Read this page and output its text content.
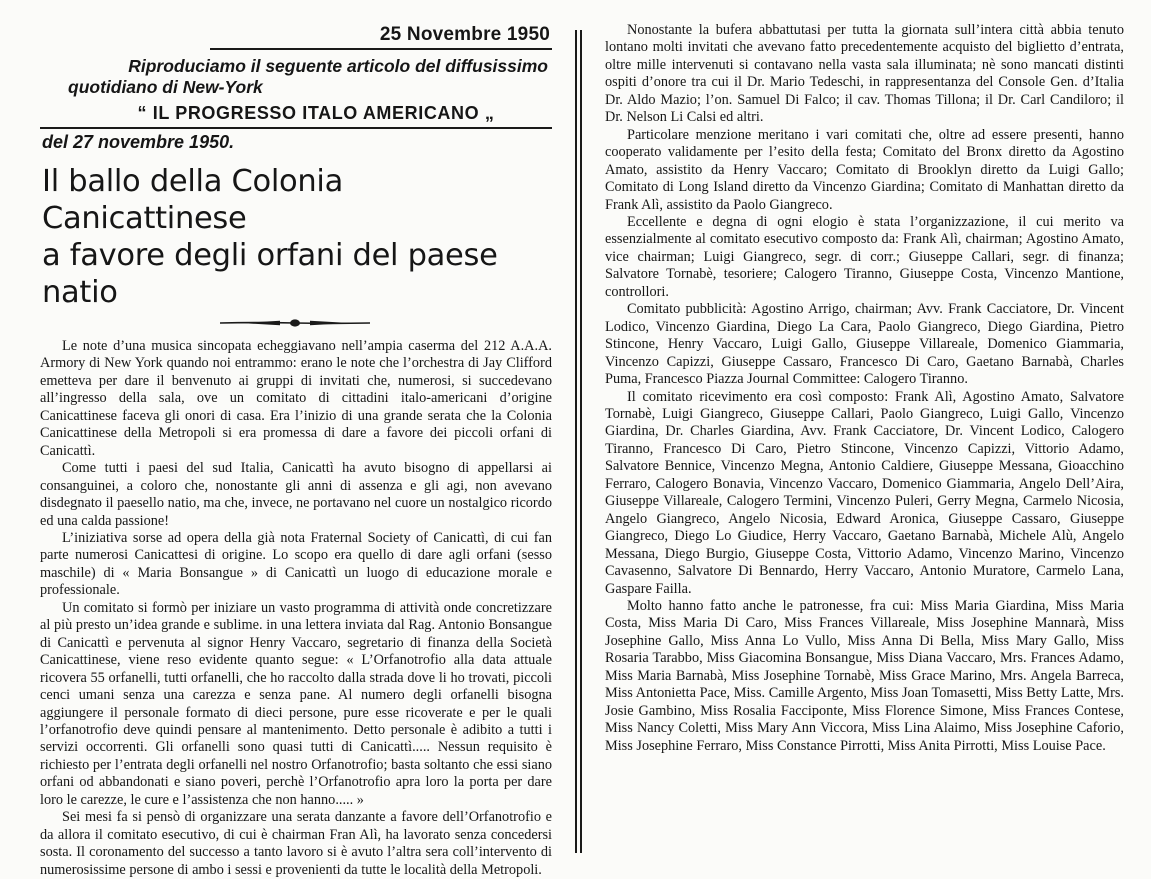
25 Novembre 1950
Riproduciamo il seguente articolo del diffusissimo
quotidiano di New-York
“ IL PROGRESSO ITALO AMERICANO „
del 27 novembre 1950.
Il ballo della Colonia Canicattinese
a favore degli orfani del paese natio

Le note d’una musica sincopata echeggiavano nell’ampia caserma del 212 A.A.A. Armory di New York quando noi entrammo: erano le note che l’orchestra di Jay Clifford emetteva per dare il benvenuto ai gruppi di invitati che, numerosi, si succedevano all’ingresso della sala, ove un comitato di cittadini italo-americani d’origine Canicattinese faceva gli onori di casa. Era l’inizio di una grande serata che la Colonia Canicattinese della Metropoli si era promessa di dare a favore dei piccoli orfani di Canicattì.

Come tutti i paesi del sud Italia, Canicattì ha avuto bisogno di appellarsi ai consanguinei, a coloro che, nonostante gli anni di assenza e gli agi, non avevano disdegnato il paesello natio, ma che, invece, ne portavano nel cuore un nostalgico ricordo ed una calda passione!

L’iniziativa sorse ad opera della già nota Fraternal Society of Canicattì, di cui fan parte numerosi Canicattesi di origine. Lo scopo era quello di dare agli orfani (sesso maschile) di « Maria Bonsangue » di Canicattì un luogo di educazione morale e professionale.

Un comitato si formò per iniziare un vasto programma di attività onde concretizzare al più presto un’idea grande e sublime. in una lettera inviata dal Rag. Antonio Bonsangue di Canicattì e pervenuta al signor Henry Vaccaro, segretario di finanza della Società Canicattinese, viene reso evidente quanto segue: « L’Orfanotrofio alla data attuale ricovera 55 orfanelli, tutti orfanelli, che ho raccolto dalla strada dove li ho trovati, piccoli cenci umani senza una carezza e senza pane. Al numero degli orfanelli bisogna aggiungere il personale formato di dieci persone, pure esse ricoverate e per le quali l’orfanotrofio deve quindi pensare al mantenimento. Detto personale è adibito a tutti i servizi occorrenti. Gli orfanelli sono quasi tutti di Canicattì..... Nessun requisito è richiesto per l’entrata degli orfanelli nel nostro Orfanotrofio; basta soltanto che essi siano orfani od abbandonati e siano poveri, perchè l’Orfanotrofio apra loro la porta per dare loro le carezze, le cure e l’assistenza che non hanno..... »

Sei mesi fa si pensò di organizzare una serata danzante a favore dell’Orfanotrofio e da allora il comitato esecutivo, di cui è chairman Fran Alì, ha lavorato senza concedersi sosta. Il coronamento del successo a tanto lavoro si è avuto l’altra sera coll’intervento di numerosissime persone di ambo i sessi e provenienti da tutte le località della Metropoli.

Nonostante la bufera abbattutasi per tutta la giornata sull’intera città abbia tenuto lontano molti invitati che avevano fatto precedentemente acquisto del biglietto d’entrata, oltre mille intervenuti si contavano nella vasta sala illuminata; nè sono mancati distinti ospiti d’onore tra cui il Dr. Mario Tedeschi, in rappresentanza del Console Gen. d’Italia Dr. Aldo Mazio; l’on. Samuel Di Falco; il cav. Thomas Tillona; il Dr. Carl Candiloro; il Dr. Nelson Li Calsi ed altri.

Particolare menzione meritano i vari comitati che, oltre ad essere presenti, hanno cooperato validamente per l’esito della festa; Comitato del Bronx diretto da Agostino Amato, assistito da Henry Vaccaro; Comitato di Brooklyn diretto da Luigi Gallo; Comitato di Long Island diretto da Vincenzo Giardina; Comitato di Manhattan diretto da Frank Alì, assistito da Paolo Giangreco.

Eccellente e degna di ogni elogio è stata l’organizzazione, il cui merito va essenzialmente al comitato esecutivo composto da: Frank Alì, chairman; Agostino Amato, vice chairman; Luigi Giangreco, segr. di corr.; Giuseppe Callari, segr. di finanza; Salvatore Tornabè, tesoriere; Calogero Tiranno, Giuseppe Costa, Vincenzo Mantione, controllori.

Comitato pubblicità: Agostino Arrigo, chairman; Avv. Frank Cacciatore, Dr. Vincent Lodico, Vincenzo Giardina, Diego La Cara, Paolo Giangreco, Diego Giardina, Pietro Stincone, Henry Vaccaro, Luigi Gallo, Giuseppe Villareale, Domenico Giammaria, Vincenzo Capizzi, Giuseppe Cassaro, Francesco Di Caro, Gaetano Barnabà, Charles Puma, Francesco Piazza Journal Committee: Calogero Tiranno.

Il comitato ricevimento era così composto: Frank Alì, Agostino Amato, Salvatore Tornabè, Luigi Giangreco, Giuseppe Callari, Paolo Giangreco, Luigi Gallo, Vincenzo Giardina, Dr. Charles Giardina, Avv. Frank Cacciatore, Dr. Vincent Lodico, Calogero Tiranno, Francesco Di Caro, Pietro Stincone, Vincenzo Capizzi, Vittorio Adamo, Salvatore Bennice, Vincenzo Megna, Antonio Caldiere, Giuseppe Messana, Gioacchino Ferraro, Calogero Bonavia, Vincenzo Vaccaro, Domenico Giammaria, Angelo Dell’Aira, Giuseppe Villareale, Calogero Termini, Vincenzo Puleri, Gerry Megna, Carmelo Nicosia, Angelo Giangreco, Angelo Nicosia, Edward Aronica, Giuseppe Cassaro, Giuseppe Giangreco, Diego Lo Giudice, Herry Vaccaro, Gaetano Barnabà, Michele Alù, Angelo Messana, Diego Burgio, Giuseppe Costa, Vittorio Adamo, Vincenzo Marino, Vincenzo Cavasenno, Salvatore Di Bennardo, Herry Vaccaro, Antonio Muratore, Carmelo Lana, Gaspare Failla.

Molto hanno fatto anche le patronesse, fra cui: Miss Maria Giardina, Miss Maria Costa, Miss Maria Di Caro, Miss Frances Villareale, Miss Josephine Mannarà, Miss Josephine Gallo, Miss Anna Lo Vullo, Miss Anna Di Bella, Miss Mary Gallo, Miss Rosaria Tarabbo, Miss Giacomina Bonsangue, Miss Diana Vaccaro, Mrs. Frances Adamo, Miss Maria Barnabà, Miss Josephine Tornabè, Miss Grace Marino, Mrs. Angela Barreca, Miss Antonietta Pace, Miss. Camille Argento, Miss Joan Tomasetti, Miss Betty Latte, Mrs. Josie Gambino, Miss Rosalia Facciponte, Miss Florence Simone, Miss Frances Contese, Miss Nancy Coletti, Miss Mary Ann Viccora, Miss Lina Alaimo, Miss Josephine Caforio, Miss Josephine Ferraro, Miss Constance Pirrotti, Miss Anita Pirrotti, Miss Louise Pace.
